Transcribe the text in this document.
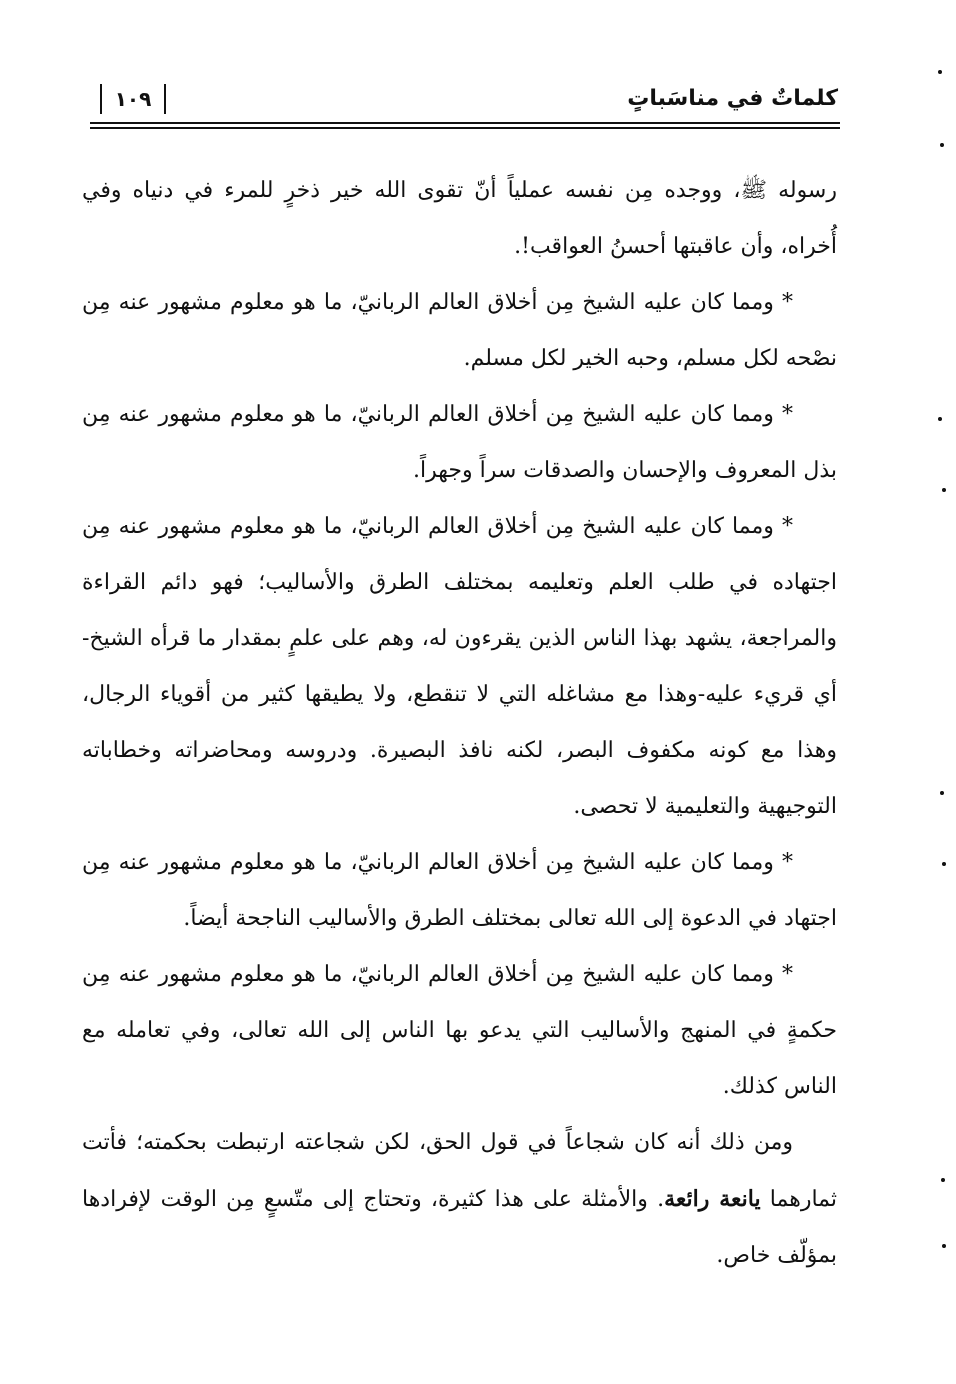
كلماتٌ في مناسَباتٍ
١٠٩

رسوله ﷺ، ووجده مِن نفسه عملياً أنّ تقوى الله خير ذخرٍ للمرء في دنياه وفي أُخراه، وأن عاقبتها أحسنُ العواقب!.

* ومما كان عليه الشيخ مِن أخلاق العالم الربانيّ، ما هو معلوم مشهور عنه مِن نصْحه لكل مسلم، وحبه الخير لكل مسلم.

* ومما كان عليه الشيخ مِن أخلاق العالم الربانيّ، ما هو معلوم مشهور عنه مِن بذل المعروف والإحسان والصدقات سراً وجهراً.

* ومما كان عليه الشيخ مِن أخلاق العالم الربانيّ، ما هو معلوم مشهور عنه مِن اجتهاده في طلب العلم وتعليمه بمختلف الطرق والأساليب؛ فهو دائم القراءة والمراجعة، يشهد بهذا الناس الذين يقرءون له، وهم على علمٍ بمقدار ما قرأه الشيخ-أي قريء عليه-وهذا مع مشاغله التي لا تنقطع، ولا يطيقها كثير من أقوياء الرجال، وهذا مع كونه مكفوف البصر، لكنه نافذ البصيرة. ودروسه ومحاضراته وخطاباته التوجيهية والتعليمية لا تحصى.

* ومما كان عليه الشيخ مِن أخلاق العالم الربانيّ، ما هو معلوم مشهور عنه مِن اجتهاد في الدعوة إلى الله تعالى بمختلف الطرق والأساليب الناجحة أيضاً.

* ومما كان عليه الشيخ مِن أخلاق العالم الربانيّ، ما هو معلوم مشهور عنه مِن حكمةٍ في المنهج والأساليب التي يدعو بها الناس إلى الله تعالى، وفي تعامله مع الناس كذلك.

ومن ذلك أنه كان شجاعاً في قول الحق، لكن شجاعته ارتبطت بحكمته؛ فأتت ثمارهما يانعة رائعة. والأمثلة على هذا كثيرة، وتحتاج إلى متّسعٍ مِن الوقت لإفرادها بمؤلّف خاص.
